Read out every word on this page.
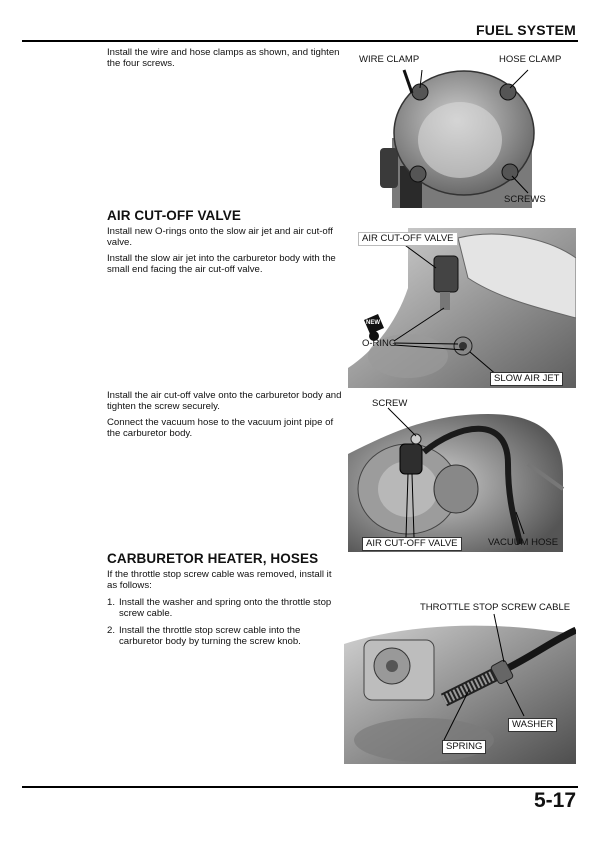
FUEL SYSTEM

Install the wire and hose clamps as shown, and tighten the four screws.

AIR CUT-OFF VALVE

Install new O-rings onto the slow air jet and air cut-off valve.

Install the slow air jet into the carburetor body with the small end facing the air cut-off valve.

Install the air cut-off valve onto the carburetor body and tighten the screw securely.

Connect the vacuum hose to the vacuum joint pipe of the carburetor body.

CARBURETOR HEATER, HOSES

If the throttle stop screw cable was removed, install it as follows:

1. Install the washer and spring onto the throttle stop screw cable.
2. Install the throttle stop screw cable into the carburetor body by turning the screw knob.
WIRE CLAMP	HOSE CLAMP
SCREWS
AIR CUT-OFF VALVE
NEW
O-RING
SLOW AIR JET
SCREW
AIR CUT-OFF VALVE	VACUUM HOSE
THROTTLE STOP SCREW CABLE
WASHER
SPRING
5-17
